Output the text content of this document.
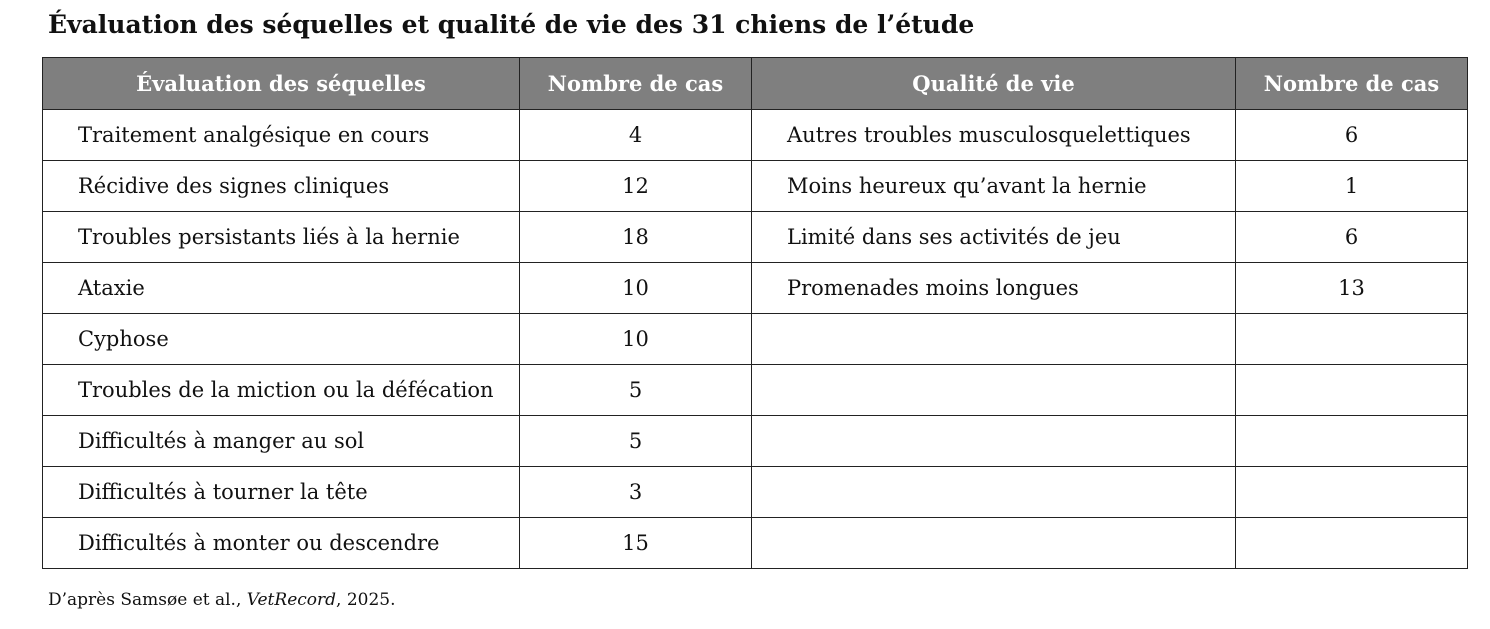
Évaluation des séquelles et qualité de vie des 31 chiens de l’étude
Évaluation des séquelles	Nombre de cas	Qualité de vie	Nombre de cas
Traitement analgésique en cours	4	Autres troubles musculosquelettiques	6
Récidive des signes cliniques	12	Moins heureux qu’avant la hernie	1
Troubles persistants liés à la hernie	18	Limité dans ses activités de jeu	6
Ataxie	10	Promenades moins longues	13
Cyphose	10		
Troubles de la miction ou la défécation	5		
Difficultés à manger au sol	5		
Difficultés à tourner la tête	3		
Difficultés à monter ou descendre	15		
D’après Samsøe et al., VetRecord, 2025.
